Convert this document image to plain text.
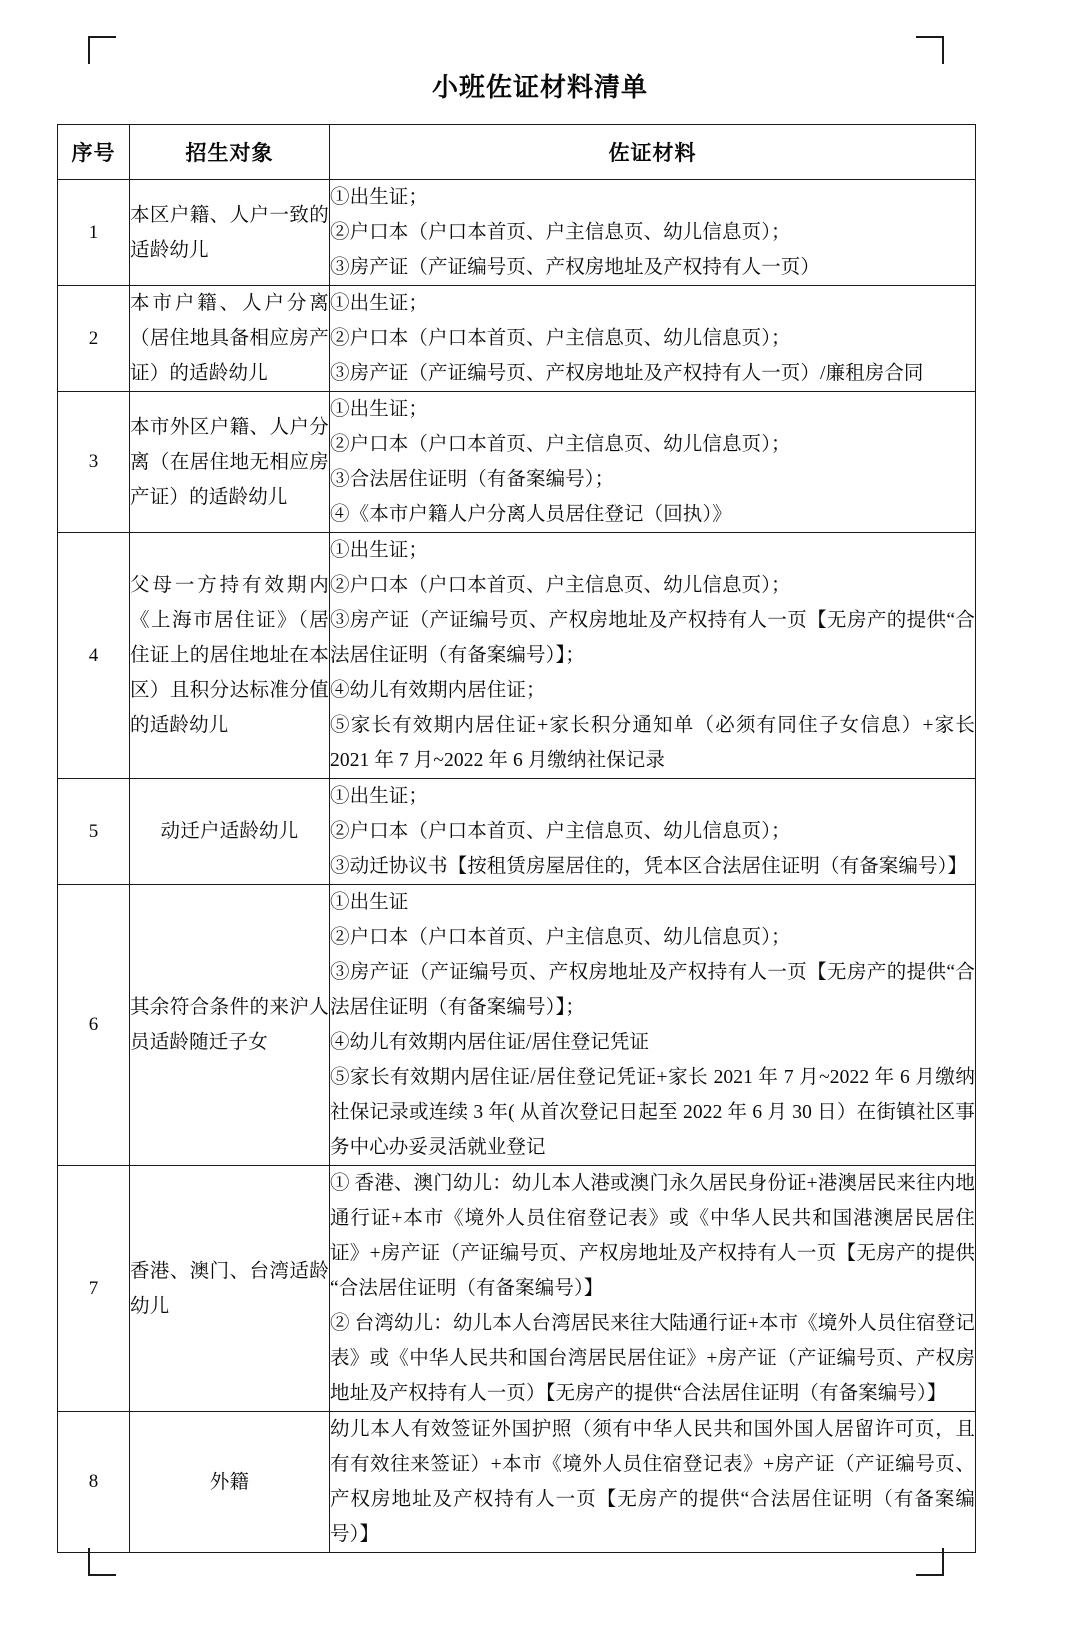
小班佐证材料清单
序号	招生对象	佐证材料
1	本区户籍、人户一致的适龄幼儿	①出生证；

②户口本（户口本首页、户主信息页、幼儿信息页）；

③房产证（产证编号页、产权房地址及产权持有人一页）

2	本市户籍、人户分离（居住地具备相应房产证）的适龄幼儿	①出生证；

②户口本（户口本首页、户主信息页、幼儿信息页）；

③房产证（产证编号页、产权房地址及产权持有人一页）/廉租房合同

3	本市外区户籍、人户分离（在居住地无相应房产证）的适龄幼儿	①出生证；

②户口本（户口本首页、户主信息页、幼儿信息页）；

③合法居住证明（有备案编号）；

④《本市户籍人户分离人员居住登记（回执）》

4	父母一方持有效期内《上海市居住证》（居住证上的居住地址在本区）且积分达标准分值的适龄幼儿	①出生证；

②户口本（户口本首页、户主信息页、幼儿信息页）；

③房产证（产证编号页、产权房地址及产权持有人一页【无房产的提供“合法居住证明（有备案编号）】；

④幼儿有效期内居住证；

⑤家长有效期内居住证+家长积分通知单（必须有同住子女信息）+家长 2021 年 7 月~2022 年 6 月缴纳社保记录

5	动迁户适龄幼儿	①出生证；

②户口本（户口本首页、户主信息页、幼儿信息页）；

③动迁协议书【按租赁房屋居住的，凭本区合法居住证明（有备案编号）】

6	其余符合条件的来沪人员适龄随迁子女	①出生证

②户口本（户口本首页、户主信息页、幼儿信息页）；

③房产证（产证编号页、产权房地址及产权持有人一页【无房产的提供“合法居住证明（有备案编号）】；

④幼儿有效期内居住证/居住登记凭证

⑤家长有效期内居住证/居住登记凭证+家长 2021 年 7 月~2022 年 6 月缴纳社保记录或连续 3 年( 从首次登记日起至 2022 年 6 月 30 日）在街镇社区事务中心办妥灵活就业登记

7	香港、澳门、台湾适龄幼儿	① 香港、澳门幼儿：幼儿本人港或澳门永久居民身份证+港澳居民来往内地通行证+本市《境外人员住宿登记表》或《中华人民共和国港澳居民居住证》+房产证（产证编号页、产权房地址及产权持有人一页【无房产的提供“合法居住证明（有备案编号）】

② 台湾幼儿：幼儿本人台湾居民来往大陆通行证+本市《境外人员住宿登记表》或《中华人民共和国台湾居民居住证》+房产证（产证编号页、产权房地址及产权持有人一页）【无房产的提供“合法居住证明（有备案编号）】

8	外籍	幼儿本人有效签证外国护照（须有中华人民共和国外国人居留许可页，且有有效往来签证）+本市《境外人员住宿登记表》+房产证（产证编号页、产权房地址及产权持有人一页【无房产的提供“合法居住证明（有备案编号）】
